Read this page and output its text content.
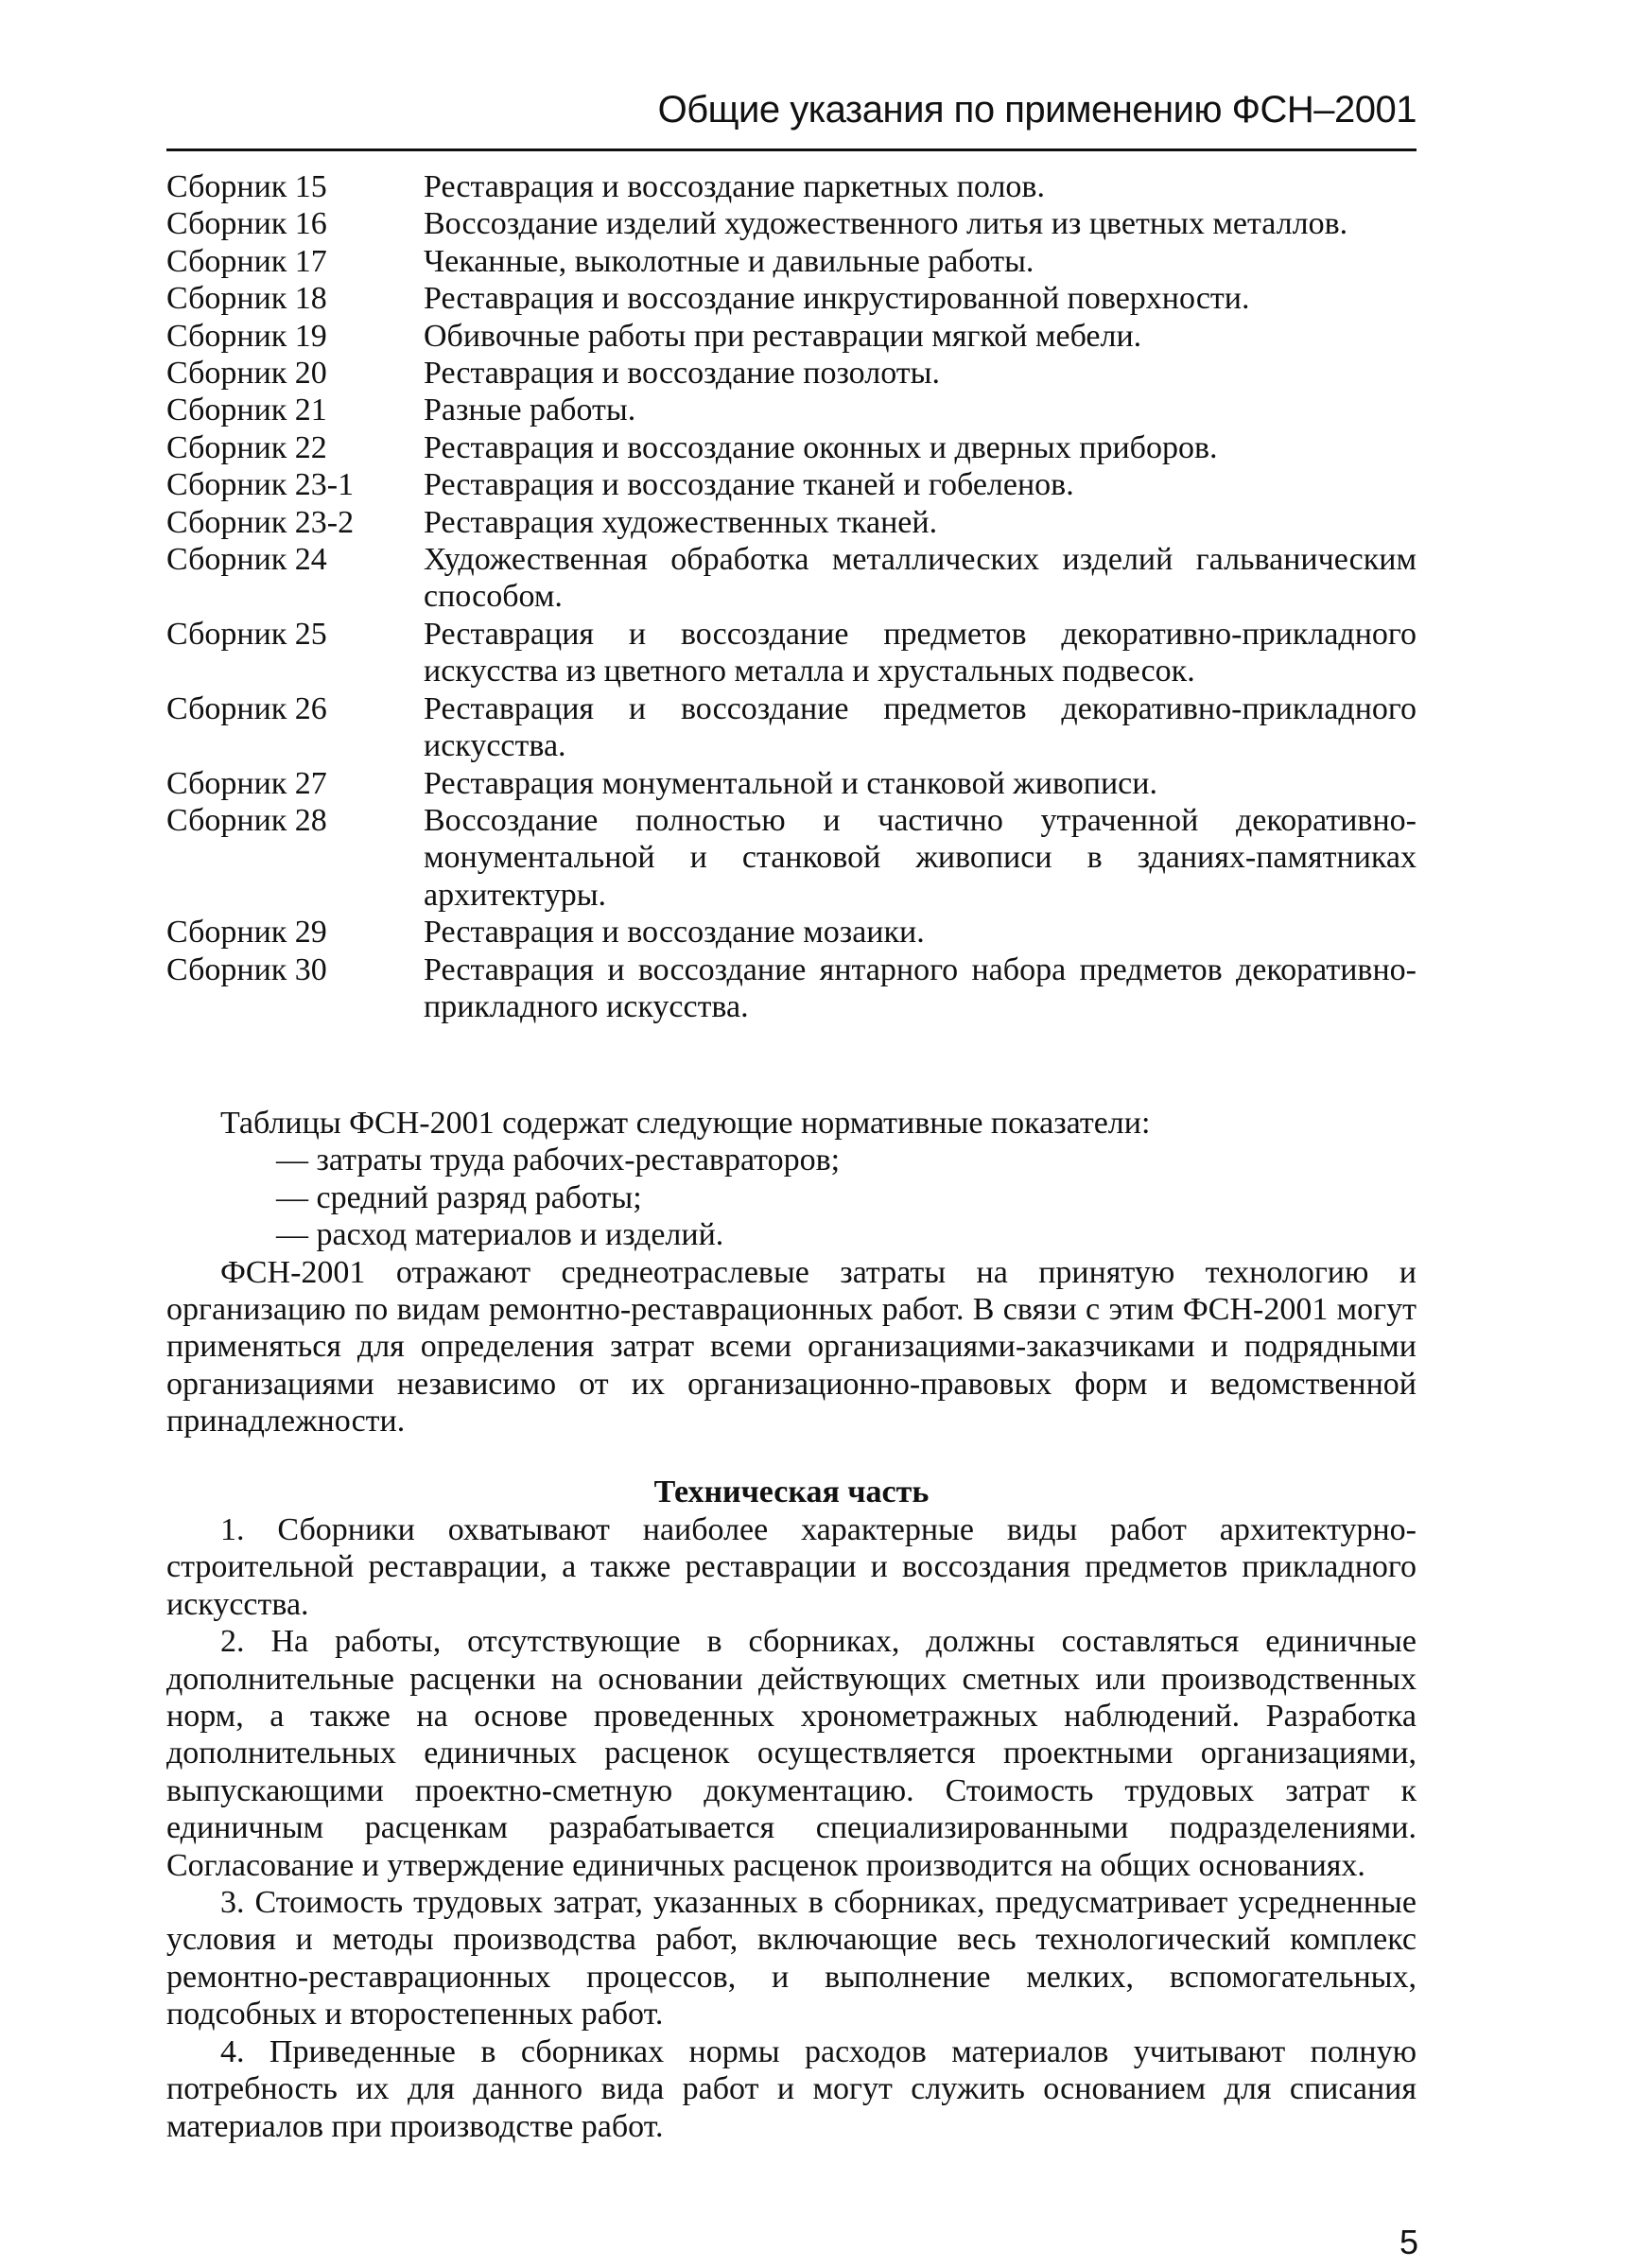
Общие указания по применению ФСН–2001
Сборник 15	Реставрация и воссоздание паркетных полов.
Сборник 16	Воссоздание изделий художественного литья из цветных металлов.
Сборник 17	Чеканные, выколотные и давильные работы.
Сборник 18	Реставрация и воссоздание инкрустированной поверхности.
Сборник 19	Обивочные работы при реставрации мягкой мебели.
Сборник 20	Реставрация и воссоздание позолоты.
Сборник 21	Разные работы.
Сборник 22	Реставрация и воссоздание оконных и дверных приборов.
Сборник 23-1	Реставрация и воссоздание тканей и гобеленов.
Сборник 23-2	Реставрация художественных тканей.
Сборник 24	Художественная обработка металлических изделий гальваническим способом.
Сборник 25	Реставрация и воссоздание предметов декоративно-прикладного искусства из цветного металла и хрустальных подвесок.
Сборник 26	Реставрация и воссоздание предметов декоративно-прикладного искусства.
Сборник 27	Реставрация монументальной и станковой живописи.
Сборник 28	Воссоздание полностью и частично утраченной декоративно-монументальной и станковой живописи в зданиях-памятниках архитектуры.
Сборник 29	Реставрация и воссоздание мозаики.
Сборник 30	Реставрация и воссоздание янтарного набора предметов декоративно-прикладного искусства.

Таблицы ФСН-2001 содержат следующие нормативные показатели:

— затраты труда рабочих-реставраторов;

— средний разряд работы;

— расход материалов и изделий.

ФСН-2001 отражают среднеотраслевые затраты на принятую технологию и организацию по видам ремонтно-реставрационных работ. В связи с этим ФСН-2001 могут применяться для определения затрат всеми организациями-заказчиками и подрядными организациями независимо от их организационно-правовых форм и ведомственной принадлежности.

Техническая часть

1. Сборники охватывают наиболее характерные виды работ архитектурно-строительной реставрации, а также реставрации и воссоздания предметов прикладного искусства.

2. На работы, отсутствующие в сборниках, должны составляться единичные дополнительные расценки на основании действующих сметных или производственных норм, а также на основе проведенных хронометражных наблюдений. Разработка дополнительных единичных расценок осуществляется проектными организациями, выпускающими проектно-сметную документацию. Стоимость трудовых затрат к единичным расценкам разрабатывается специализированными подразделениями. Согласование и утверждение единичных расценок производится на общих основаниях.

3. Стоимость трудовых затрат, указанных в сборниках, предусматривает усредненные условия и методы производства работ, включающие весь технологический комплекс ремонтно-реставрационных процессов, и выполнение мелких, вспомогательных, подсобных и второстепенных работ.

4. Приведенные в сборниках нормы расходов материалов учитывают полную потребность их для данного вида работ и могут служить основанием для списания материалов при производстве работ.

5
